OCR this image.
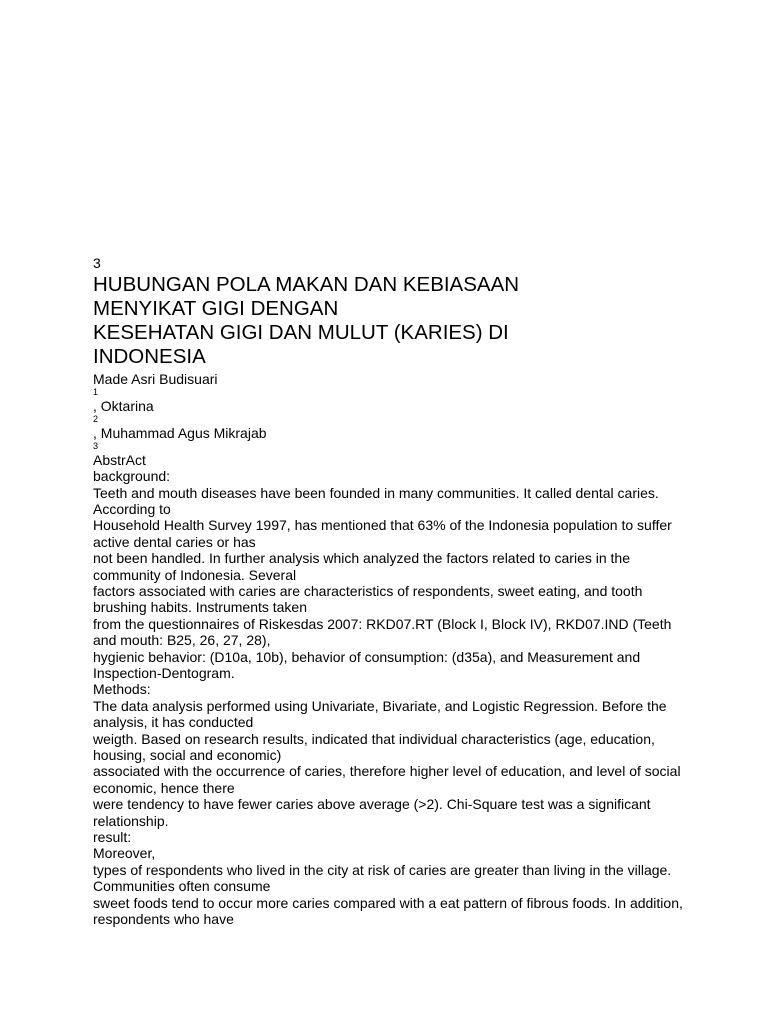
3

HUBUNGAN POLA MAKAN DAN KEBIASAAN
MENYIKAT GIGI DENGAN
KESEHATAN GIGI DAN MULUT (KARIES) DI
INDONESIA

Made Asri Budisuari

1

, Oktarina

2

, Muhammad Agus Mikrajab

3

AbstrAct

background:

Teeth and mouth diseases have been founded in many communities. It called dental caries. According to

Household Health Survey 1997, has mentioned that 63% of the Indonesia population to suffer active dental caries or has

not been handled. In further analysis which analyzed the factors related to caries in the community of Indonesia. Several

factors associated with caries are characteristics of respondents, sweet eating, and tooth brushing habits. Instruments taken

from the questionnaires of Riskesdas 2007: RKD07.RT (Block I, Block IV), RKD07.IND (Teeth and mouth: B25, 26, 27, 28),

hygienic behavior: (D10a, 10b), behavior of consumption: (d35a), and Measurement and Inspection-Dentogram.

Methods:

The data analysis performed using Univariate, Bivariate, and Logistic Regression. Before the analysis, it has conducted

weigth. Based on research results, indicated that individual characteristics (age, education, housing, social and economic)

associated with the occurrence of caries, therefore higher level of education, and level of social economic, hence there

were tendency to have fewer caries above average (>2). Chi-Square test was a significant relationship.

result:

Moreover,

types of respondents who lived in the city at risk of caries are greater than living in the village. Communities often consume

sweet foods tend to occur more caries compared with a eat pattern of fibrous foods. In addition, respondents who have
